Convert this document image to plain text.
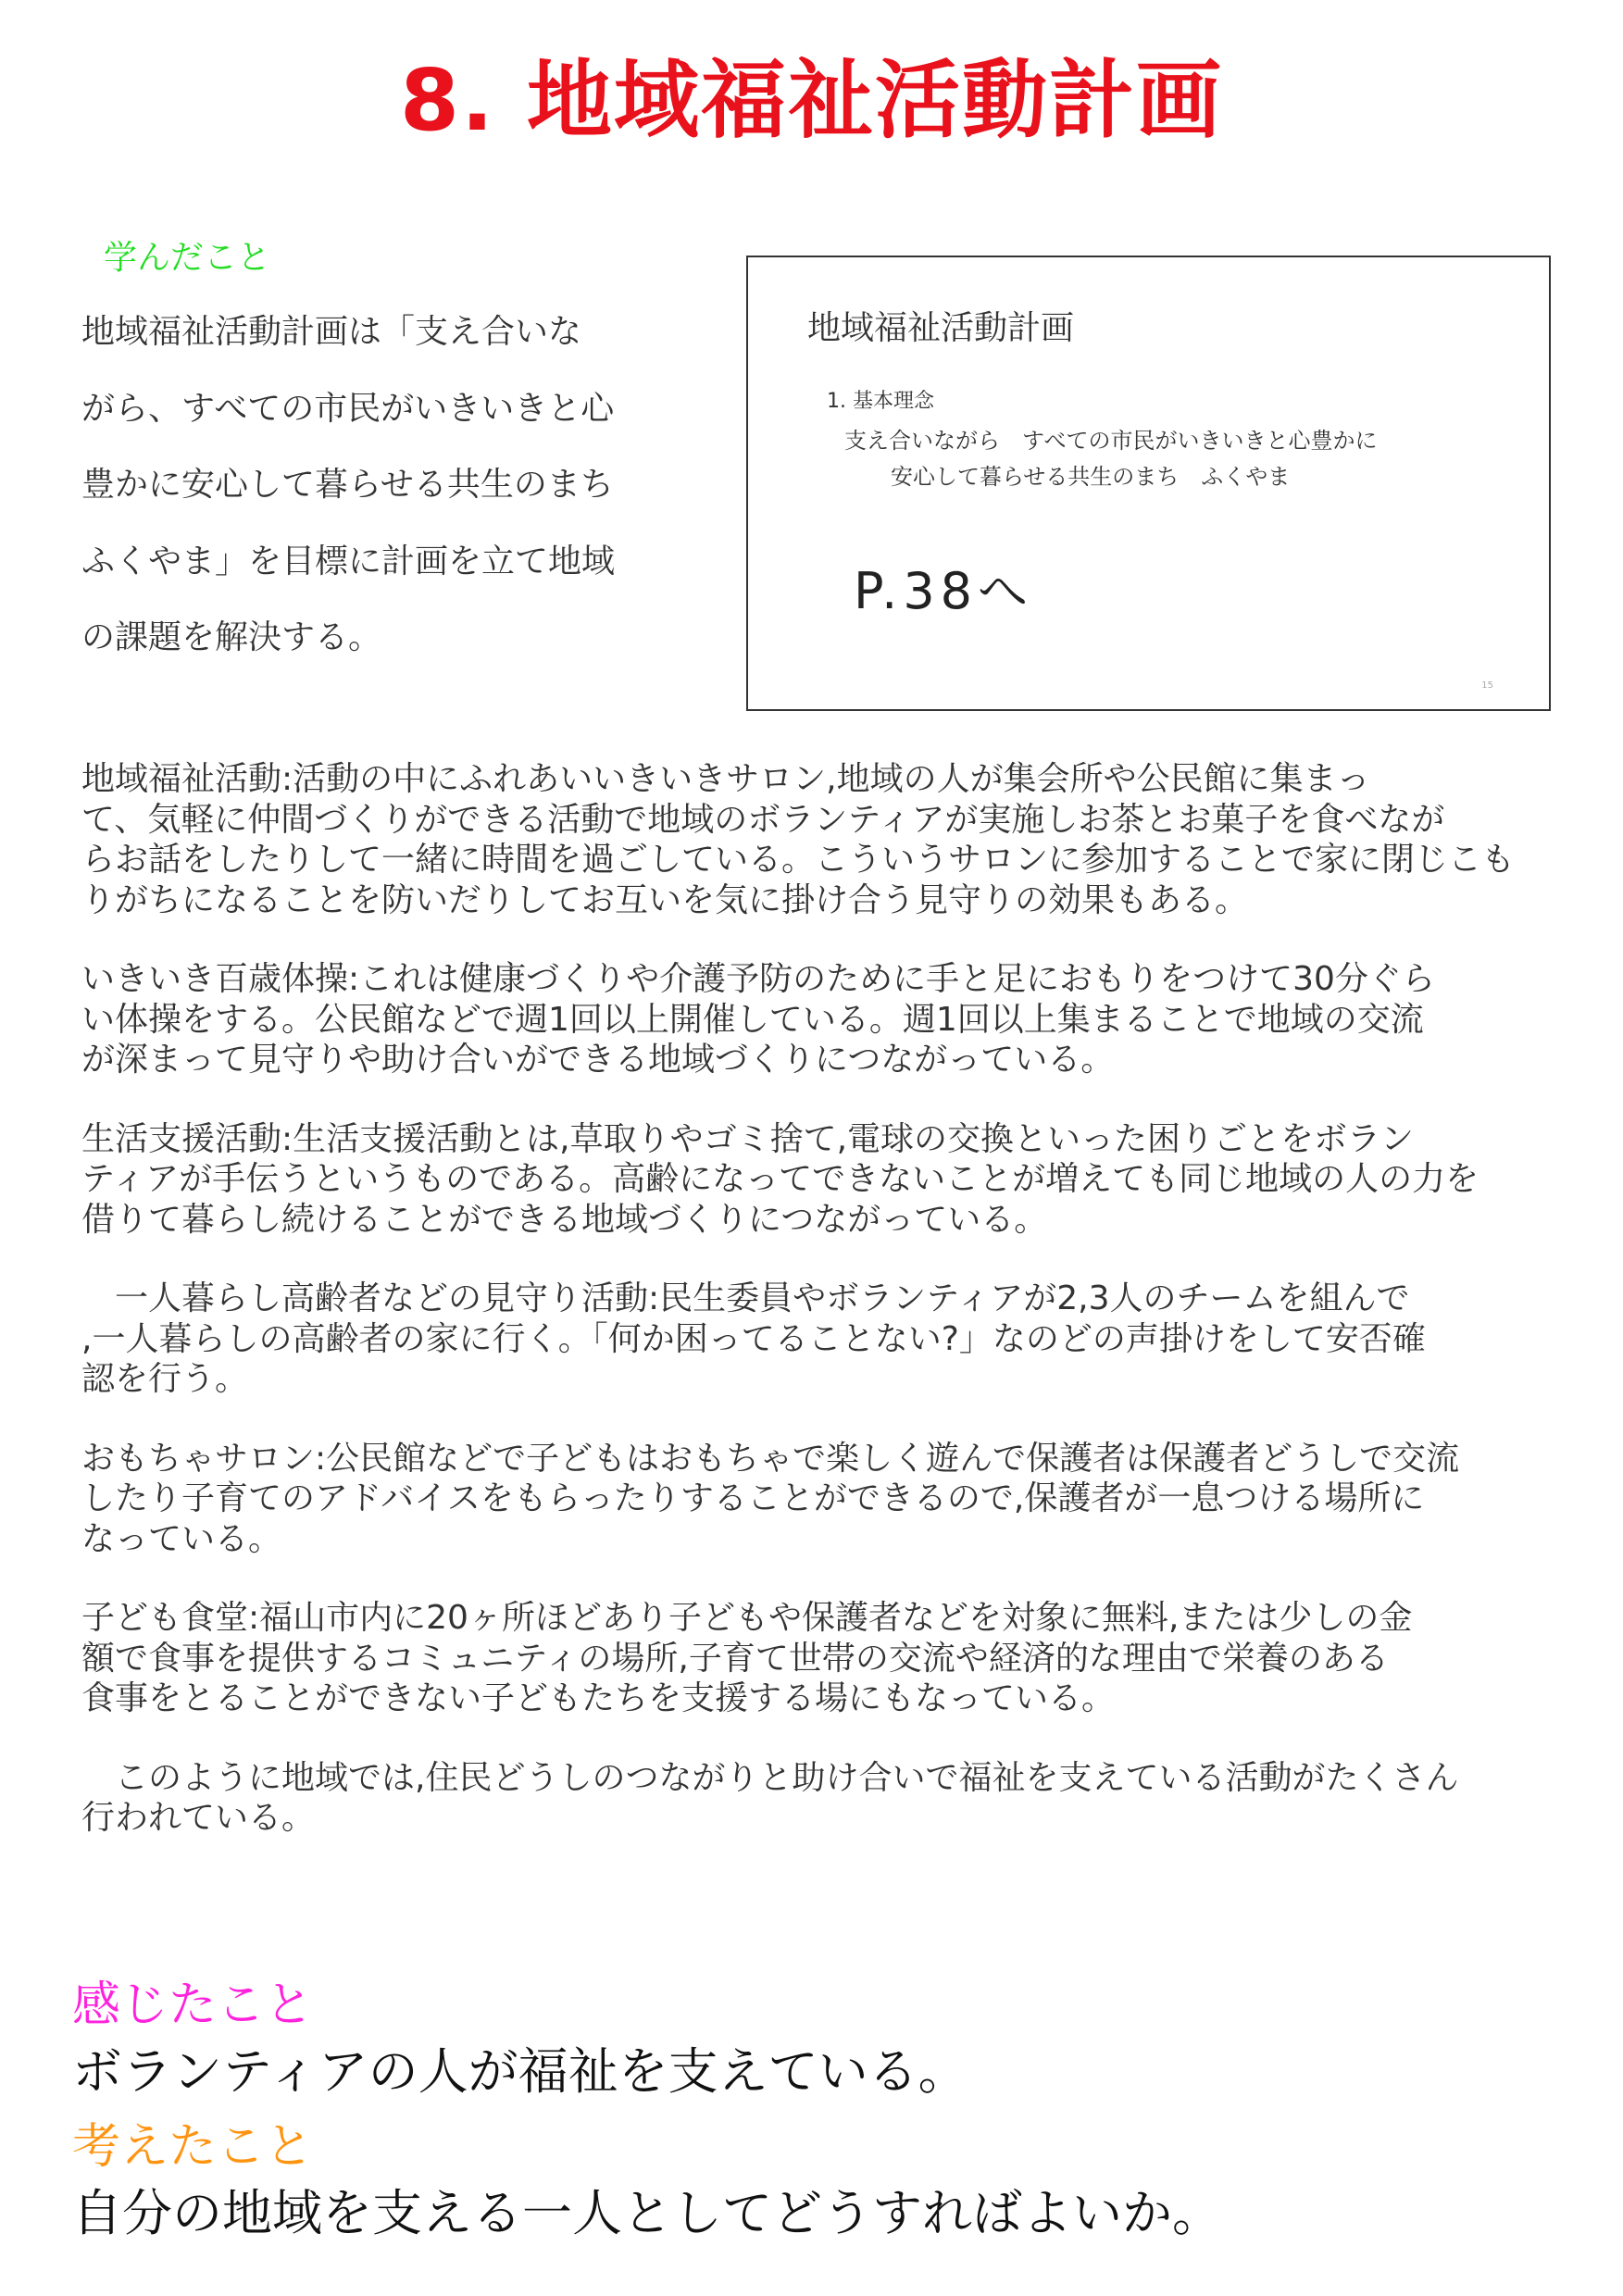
8. 地域福祉活動計画
学んだこと
地域福祉活動計画は「支え合いな
がら、すべての市民がいきいきと心
豊かに安心して暮らせる共生のまち
ふくやま」を目標に計画を立て地域
の課題を解決する。
地域福祉活動計画
1. 基本理念
支え合いながら　すべての市民がいきいきと心豊かに
安心して暮らせる共生のまち　ふくやま
P.38へ
15

地域福祉活動:活動の中にふれあいいきいきサロン,地域の人が集会所や公民館に集まっ
て、気軽に仲間づくりができる活動で地域のボランティアが実施しお茶とお菓子を食べなが
らお話をしたりして一緒に時間を過ごしている。こういうサロンに参加することで家に閉じこも
りがちになることを防いだりしてお互いを気に掛け合う見守りの効果もある。

いきいき百歳体操:これは健康づくりや介護予防のために手と足におもりをつけて30分ぐら
い体操をする。公民館などで週1回以上開催している。週1回以上集まることで地域の交流
が深まって見守りや助け合いができる地域づくりにつながっている。

生活支援活動:生活支援活動とは,草取りやゴミ捨て,電球の交換といった困りごとをボラン
ティアが手伝うというものである。高齢になってできないことが増えても同じ地域の人の力を
借りて暮らし続けることができる地域づくりにつながっている。

　一人暮らし高齢者などの見守り活動:民生委員やボランティアが2,3人のチームを組んで
,一人暮らしの高齢者の家に行く。「何か困ってることない?」なのどの声掛けをして安否確
認を行う。

おもちゃサロン:公民館などで子どもはおもちゃで楽しく遊んで保護者は保護者どうしで交流
したり子育てのアドバイスをもらったりすることができるので,保護者が一息つける場所に
なっている。

子ども食堂:福山市内に20ヶ所ほどあり子どもや保護者などを対象に無料,または少しの金
額で食事を提供するコミュニティの場所,子育て世帯の交流や経済的な理由で栄養のある
食事をとることができない子どもたちを支援する場にもなっている。

　このように地域では,住民どうしのつながりと助け合いで福祉を支えている活動がたくさん
行われている。

感じたこと
ボランティアの人が福祉を支えている。
考えたこと
自分の地域を支える一人としてどうすればよいか。
